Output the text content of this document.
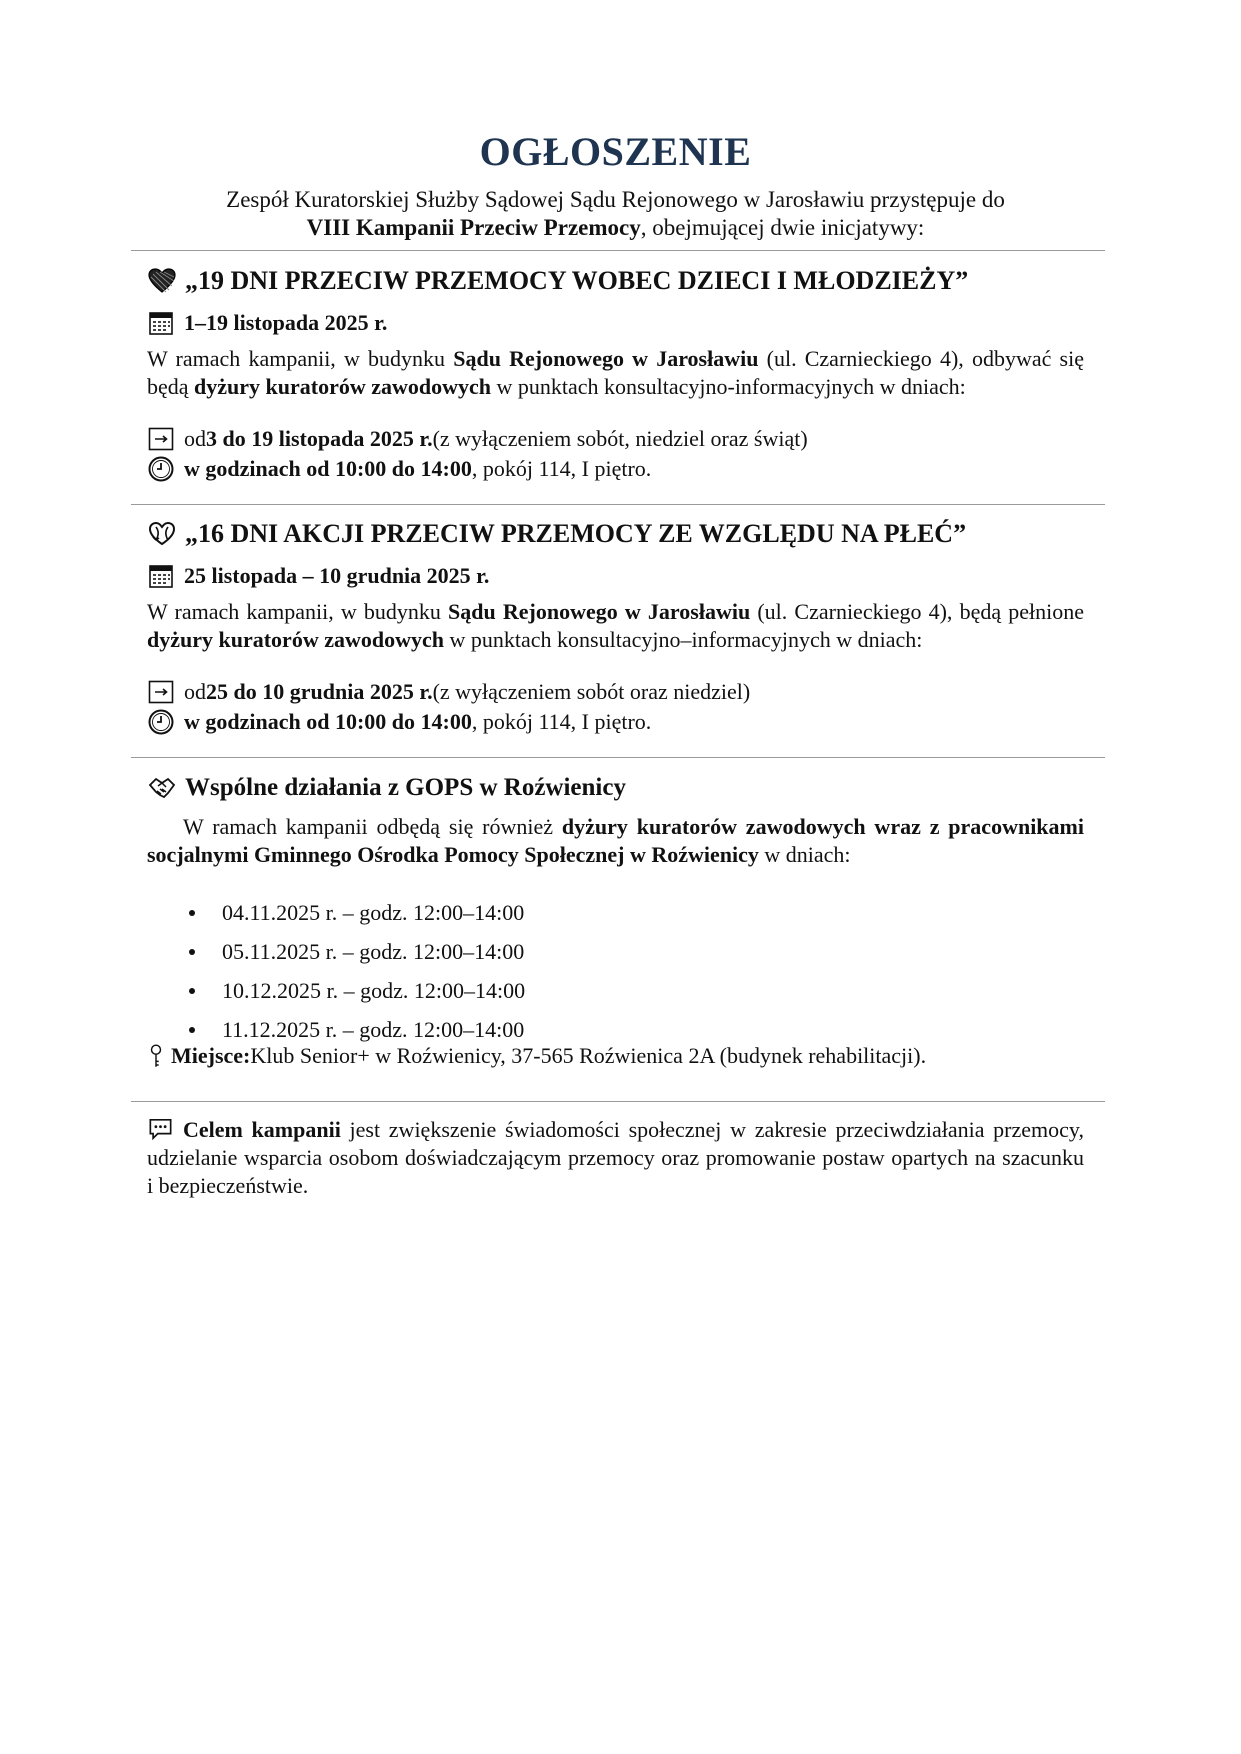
OGŁOSZENIE
Zespół Kuratorskiej Służby Sądowej Sądu Rejonowego w Jarosławiu przystępuje do
VIII Kampanii Przeciw Przemocy, obejmującej dwie inicjatywy:
„19 DNI PRZECIW PRZEMOCY WOBEC DZIECI I MŁODZIEŻY”
1–19 listopada 2025 r.
W ramach kampanii, w budynku Sądu Rejonowego w Jarosławiu (ul. Czarnieckiego 4), odbywać się będą dyżury kuratorów zawodowych w punktach konsultacyjno-informacyjnych w dniach:
od 3 do 19 listopada 2025 r. (z wyłączeniem sobót, niedziel oraz świąt)
w godzinach od 10:00 do 14:00 , pokój 114, I piętro.
„16 DNI AKCJI PRZECIW PRZEMOCY ZE WZGLĘDU NA PŁEĆ”
25 listopada – 10 grudnia 2025 r.
W ramach kampanii, w budynku Sądu Rejonowego w Jarosławiu (ul. Czarnieckiego 4), będą pełnione dyżury kuratorów zawodowych w punktach konsultacyjno–informacyjnych w dniach:
od 25 do 10 grudnia 2025 r. (z wyłączeniem sobót oraz niedziel)
w godzinach od 10:00 do 14:00 , pokój 114, I piętro.
Wspólne działania z GOPS w Roźwienicy
W ramach kampanii odbędą się również dyżury kuratorów zawodowych wraz z pracownikami socjalnymi Gminnego Ośrodka Pomocy Społecznej w Roźwienicy w dniach:
04.11.2025 r. – godz. 12:00–14:00
05.11.2025 r. – godz. 12:00–14:00
10.12.2025 r. – godz. 12:00–14:00
11.12.2025 r. – godz. 12:00–14:00
Miejsce: Klub Senior+ w Roźwienicy, 37-565 Roźwienica 2A (budynek rehabilitacji).
Celem kampanii jest zwiększenie świadomości społecznej w zakresie przeciwdziałania przemocy, udzielanie wsparcia osobom doświadczającym przemocy oraz promowanie postaw opartych na szacunku i bezpieczeństwie.
